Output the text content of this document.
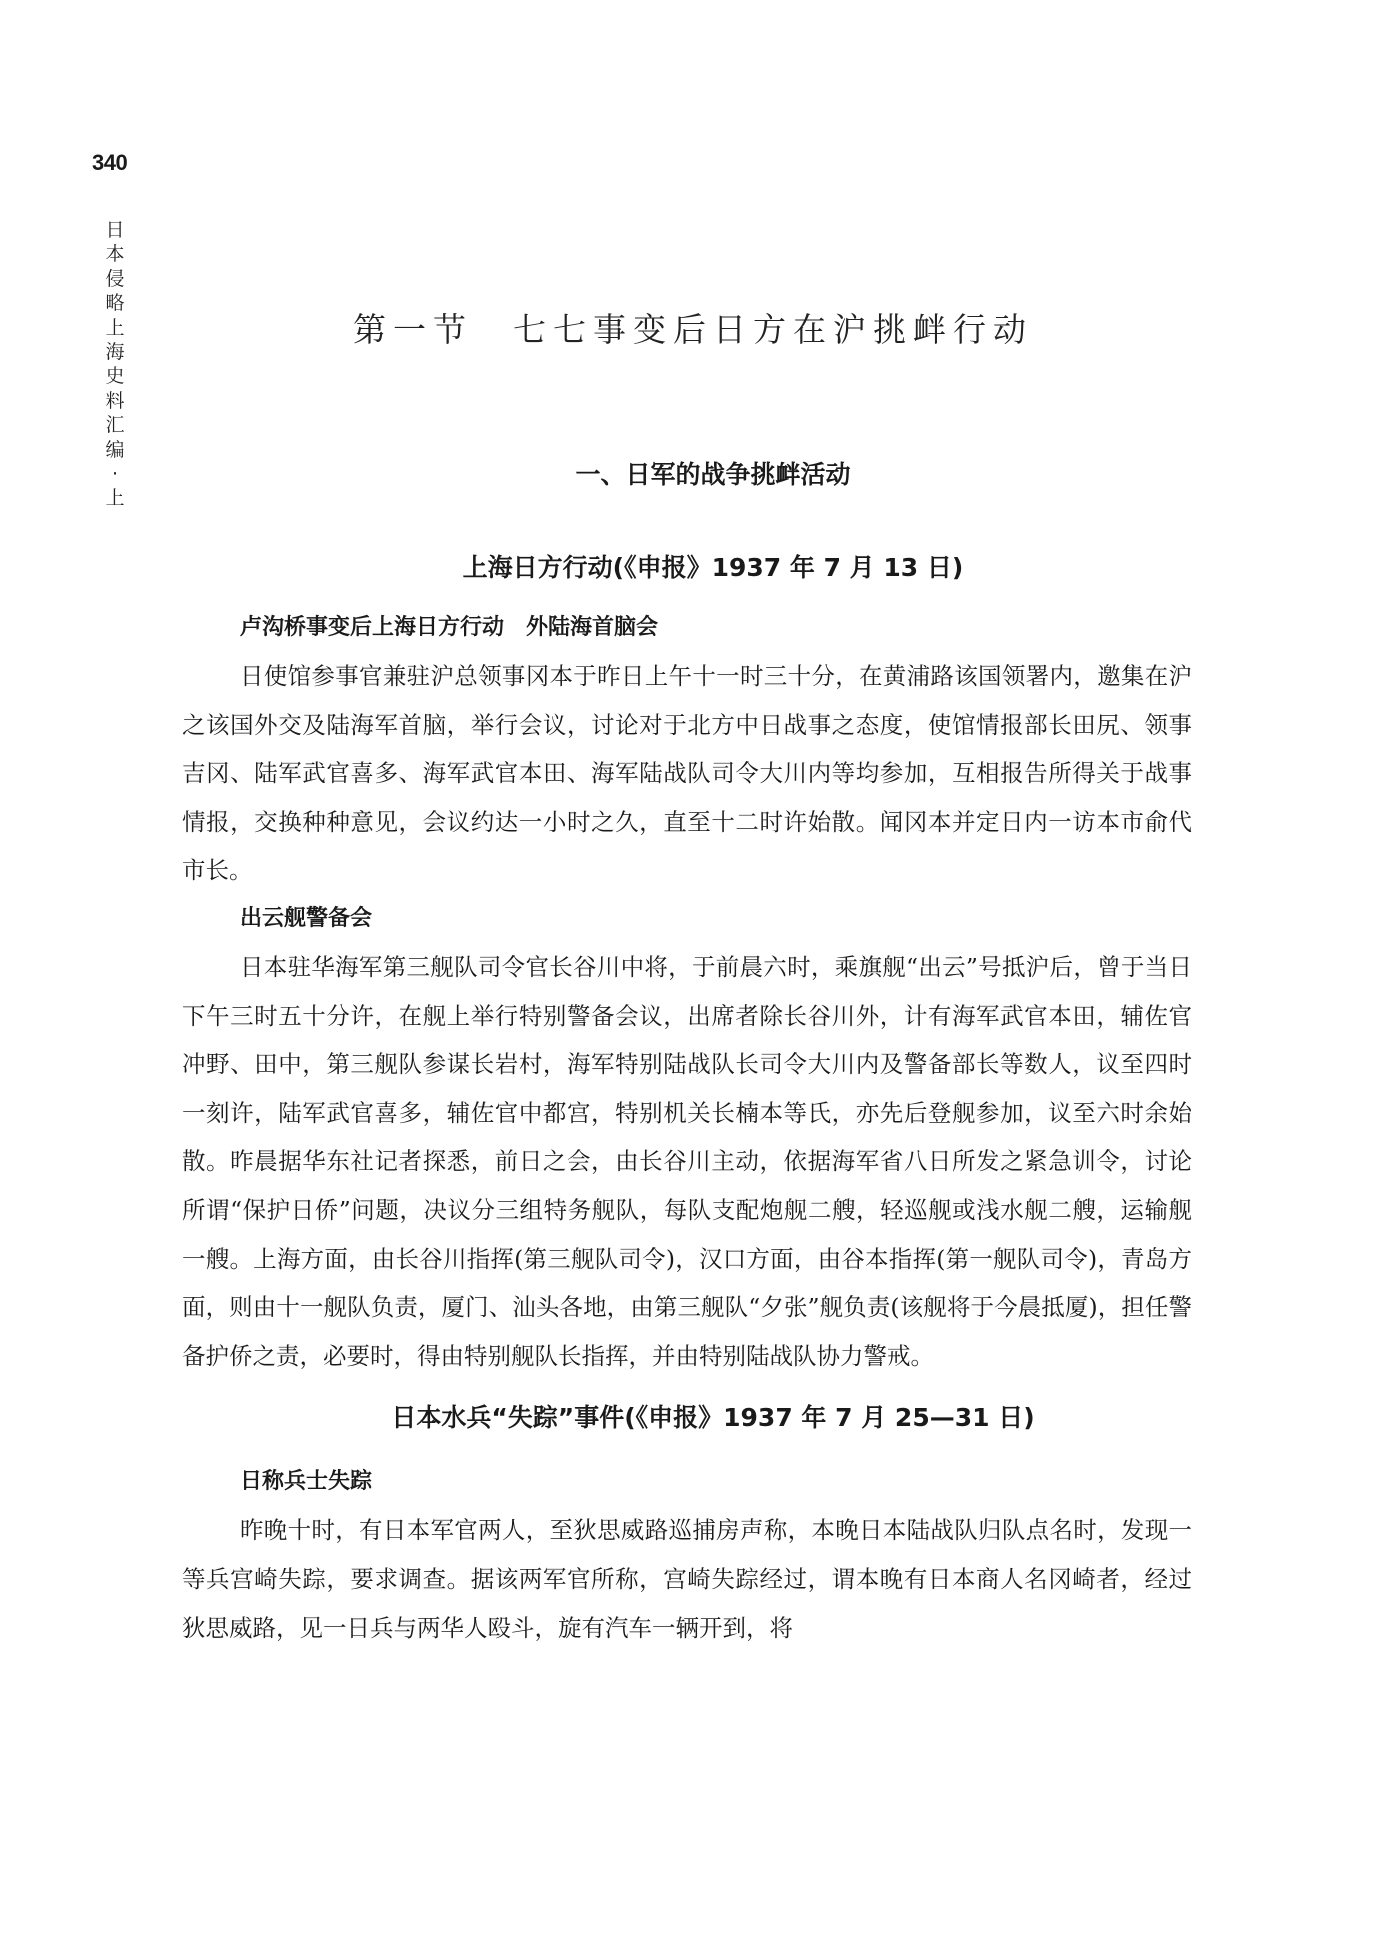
340
日本侵略上海史料汇编·上
第一节 七七事变后日方在沪挑衅行动
一、日军的战争挑衅活动
上海日方行动(《申报》1937 年 7 月 13 日)
卢沟桥事变后上海日方行动　外陆海首脑会

日使馆参事官兼驻沪总领事冈本于昨日上午十一时三十分，在黄浦路该国领署内，邀集在沪之该国外交及陆海军首脑，举行会议，讨论对于北方中日战事之态度，使馆情报部长田尻、领事吉冈、陆军武官喜多、海军武官本田、海军陆战队司令大川内等均参加，互相报告所得关于战事情报，交换种种意见，会议约达一小时之久，直至十二时许始散。闻冈本并定日内一访本市俞代市长。

出云舰警备会

日本驻华海军第三舰队司令官长谷川中将，于前晨六时，乘旗舰“出云”号抵沪后，曾于当日下午三时五十分许，在舰上举行特别警备会议，出席者除长谷川外，计有海军武官本田，辅佐官冲野、田中，第三舰队参谋长岩村，海军特别陆战队长司令大川内及警备部长等数人，议至四时一刻许，陆军武官喜多，辅佐官中都宫，特别机关长楠本等氏，亦先后登舰参加，议至六时余始散。昨晨据华东社记者探悉，前日之会，由长谷川主动，依据海军省八日所发之紧急训令，讨论所谓“保护日侨”问题，决议分三组特务舰队，每队支配炮舰二艘，轻巡舰或浅水舰二艘，运输舰一艘。上海方面，由长谷川指挥(第三舰队司令)，汉口方面，由谷本指挥(第一舰队司令)，青岛方面，则由十一舰队负责，厦门、汕头各地，由第三舰队“夕张”舰负责(该舰将于今晨抵厦)，担任警备护侨之责，必要时，得由特别舰队长指挥，并由特别陆战队协力警戒。

日本水兵“失踪”事件(《申报》1937 年 7 月 25—31 日)
日称兵士失踪

昨晚十时，有日本军官两人，至狄思威路巡捕房声称，本晚日本陆战队归队点名时，发现一等兵宫崎失踪，要求调查。据该两军官所称，宫崎失踪经过，谓本晚有日本商人名冈崎者，经过狄思威路，见一日兵与两华人殴斗，旋有汽车一辆开到，将
